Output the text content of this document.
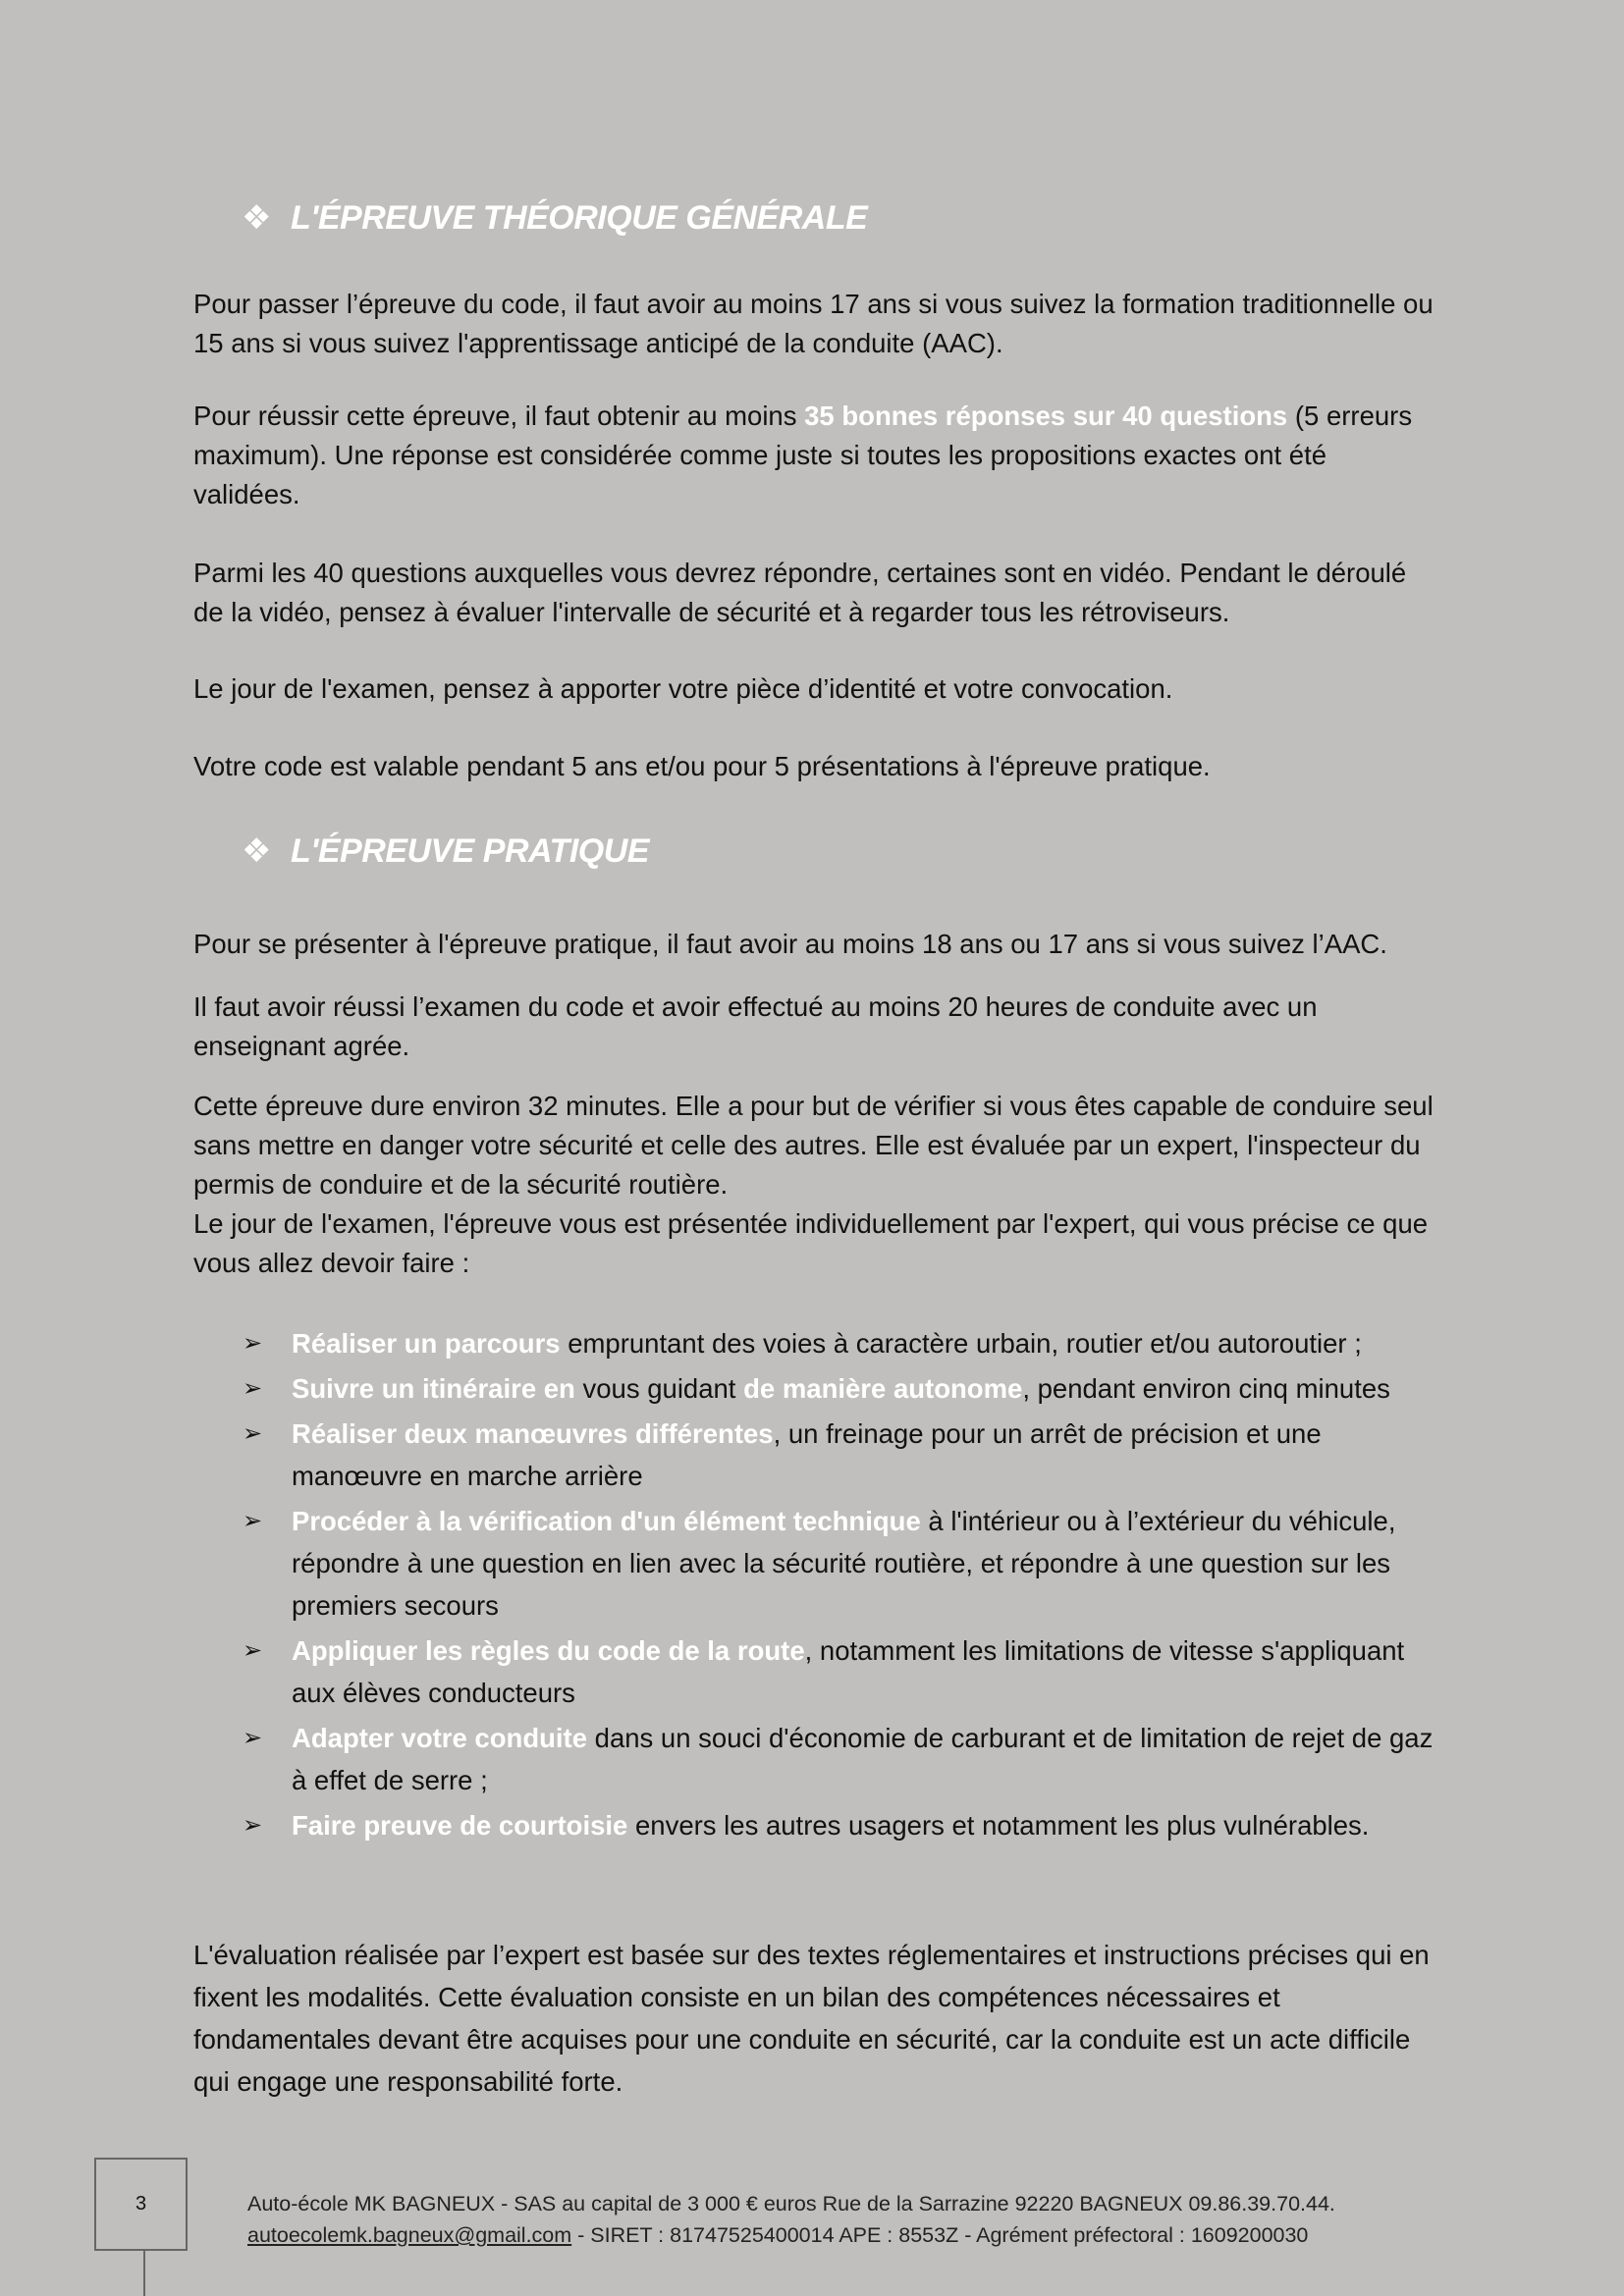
❖ L'ÉPREUVE THÉORIQUE GÉNÉRALE

Pour passer l’épreuve du code, il faut avoir au moins 17 ans si vous suivez la formation traditionnelle ou 15 ans si vous suivez l'apprentissage anticipé de la conduite (AAC).

Pour réussir cette épreuve, il faut obtenir au moins 35 bonnes réponses sur 40 questions (5 erreurs maximum). Une réponse est considérée comme juste si toutes les propositions exactes ont été validées.

Parmi les 40 questions auxquelles vous devrez répondre, certaines sont en vidéo. Pendant le déroulé de la vidéo, pensez à évaluer l'intervalle de sécurité et à regarder tous les rétroviseurs.

Le jour de l'examen, pensez à apporter votre pièce d’identité et votre convocation.

Votre code est valable pendant 5 ans et/ou pour 5 présentations à l'épreuve pratique.

❖ L'ÉPREUVE PRATIQUE

Pour se présenter à l'épreuve pratique, il faut avoir au moins 18 ans ou 17 ans si vous suivez l’AAC.

Il faut avoir réussi l’examen du code et avoir effectué au moins 20 heures de conduite avec un enseignant agrée.

Cette épreuve dure environ 32 minutes. Elle a pour but de vérifier si vous êtes capable de conduire seul sans mettre en danger votre sécurité et celle des autres. Elle est évaluée par un expert, l'inspecteur du permis de conduire et de la sécurité routière.
Le jour de l'examen, l'épreuve vous est présentée individuellement par l'expert, qui vous précise ce que vous allez devoir faire :
➢ Réaliser un parcours empruntant des voies à caractère urbain, routier et/ou autoroutier ;
➢ Suivre un itinéraire en vous guidant de manière autonome, pendant environ cinq minutes
➢ Réaliser deux manœuvres différentes, un freinage pour un arrêt de précision et une manœuvre en marche arrière
➢ Procéder à la vérification d'un élément technique à l'intérieur ou à l’extérieur du véhicule, répondre à une question en lien avec la sécurité routière, et répondre à une question sur les premiers secours
➢ Appliquer les règles du code de la route, notamment les limitations de vitesse s'appliquant aux élèves conducteurs
➢ Adapter votre conduite dans un souci d'économie de carburant et de limitation de rejet de gaz à effet de serre ;
➢ Faire preuve de courtoisie envers les autres usagers et notamment les plus vulnérables.

L'évaluation réalisée par l’expert est basée sur des textes réglementaires et instructions précises qui en fixent les modalités. Cette évaluation consiste en un bilan des compétences nécessaires et fondamentales devant être acquises pour une conduite en sécurité, car la conduite est un acte difficile qui engage une responsabilité forte.

3	Auto-école MK BAGNEUX - SAS au capital de 3 000 € euros Rue de la Sarrazine 92220 BAGNEUX 09.86.39.70.44.
autoecolemk.bagneux@gmail.com - SIRET : 81747525400014 APE : 8553Z - Agrément préfectoral : 1609200030
